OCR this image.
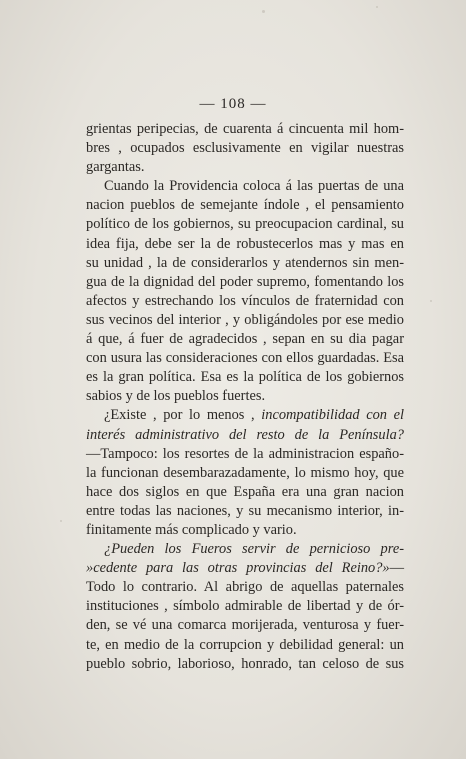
— 108 —

grientas peripecias, de cuarenta á cincuenta mil hom-
bres , ocupados esclusivamente en vigilar nuestras
gargantas.

Cuando la Providencia coloca á las puertas de una
nacion pueblos de semejante índole , el pensamiento
político de los gobiernos, su preocupacion cardinal, su
idea fija, debe ser la de robustecerlos mas y mas en
su unidad , la de considerarlos y atendernos sin men-
gua de la dignidad del poder supremo, fomentando los
afectos y estrechando los vínculos de fraternidad con
sus vecinos del interior , y obligándoles por ese medio
á que, á fuer de agradecidos , sepan en su dia pagar
con usura las consideraciones con ellos guardadas. Esa
es la gran política. Esa es la política de los gobiernos
sabios y de los pueblos fuertes.

¿Existe , por lo menos , incompatibilidad con el
interés administrativo del resto de la Península?
—Tampoco: los resortes de la administracion españo-
la funcionan desembarazadamente, lo mismo hoy, que
hace dos siglos en que España era una gran nacion
entre todas las naciones, y su mecanismo interior, in-
finitamente más complicado y vario.

¿Pueden los Fueros servir de pernicioso pre-
»cedente para las otras provincias del Reino?»—
Todo lo contrario. Al abrigo de aquellas paternales
instituciones , símbolo admirable de libertad y de ór-
den, se vé una comarca morijerada, venturosa y fuer-
te, en medio de la corrupcion y debilidad general: un
pueblo sobrio, laborioso, honrado, tan celoso de sus
